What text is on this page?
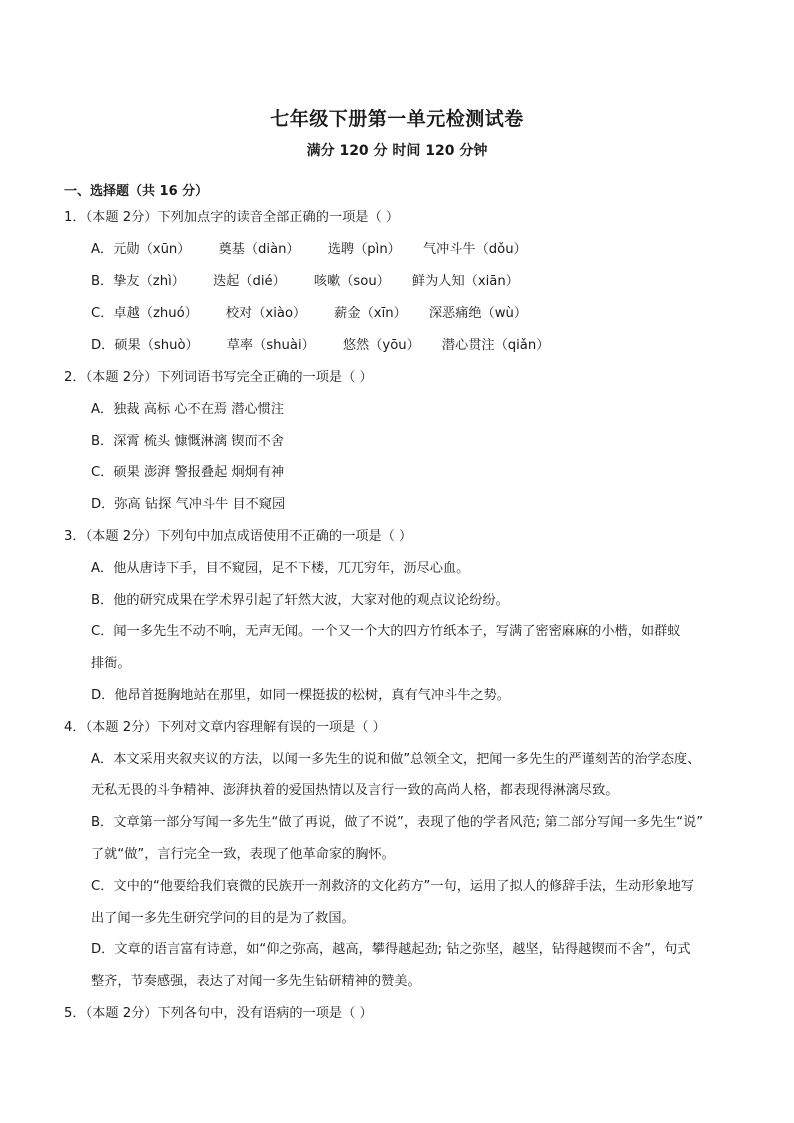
七年级下册第一单元检测试卷
满分 120 分 时间 120 分钟
一、选择题（共 16 分）
1．（本题 2分）下列加点字的读音全部正确的一项是（ ）
A．元勋（xūn） 奠基（diàn） 选聘（pìn） 气冲斗牛（dǒu）
B．挚友（zhì） 迭起（dié） 咳嗽（sou） 鲜为人知（xiān）
C．卓越（zhuó） 校对（xiào） 薪金（xīn） 深恶痛绝（wù）
D．硕果（shuò） 草率（shuài） 悠然（yōu） 潜心贯注（qiǎn）
2．（本题 2分）下列词语书写完全正确的一项是（ ）
A．独裁 高标 心不在焉 潜心惯注
B．深霄 梳头 慷慨淋漓 锲而不舍
C．硕果 澎湃 警报叠起 炯炯有神
D．弥高 钻探 气冲斗牛 目不窥园
3．（本题 2分）下列句中加点成语使用不正确的一项是（ ）
A．他从唐诗下手，目不窥园，足不下楼，兀兀穷年，沥尽心血。
B．他的研究成果在学术界引起了轩然大波，大家对他的观点议论纷纷。
C．闻一多先生不动不响，无声无闻。一个又一个大的四方竹纸本子，写满了密密麻麻的小楷，如群蚁
排衙。
D．他昂首挺胸地站在那里，如同一棵挺拔的松树，真有气冲斗牛之势。
4．（本题 2分）下列对文章内容理解有误的一项是（ ）
A．本文采用夹叙夹议的方法，以闻一多先生的说和做”总领全文，把闻一多先生的严谨刻苦的治学态度、
无私无畏的斗争精神、澎湃执着的爱国热情以及言行一致的高尚人格，都表现得淋漓尽致。
B．文章第一部分写闻一多先生“做了再说，做了不说”，表现了他的学者风范; 第二部分写闻一多先生“说”
了就“做”，言行完全一致，表现了他革命家的胸怀。
C．文中的“他要给我们衰微的民族开一剂救济的文化药方”一句，运用了拟人的修辞手法，生动形象地写
出了闻一多先生研究学问的目的是为了救国。
D．文章的语言富有诗意，如“仰之弥高，越高，攀得越起劲; 钻之弥坚，越坚，钻得越锲而不舍”，句式
整齐，节奏感强，表达了对闻一多先生钻研精神的赞美。
5．（本题 2分）下列各句中，没有语病的一项是（ ）
